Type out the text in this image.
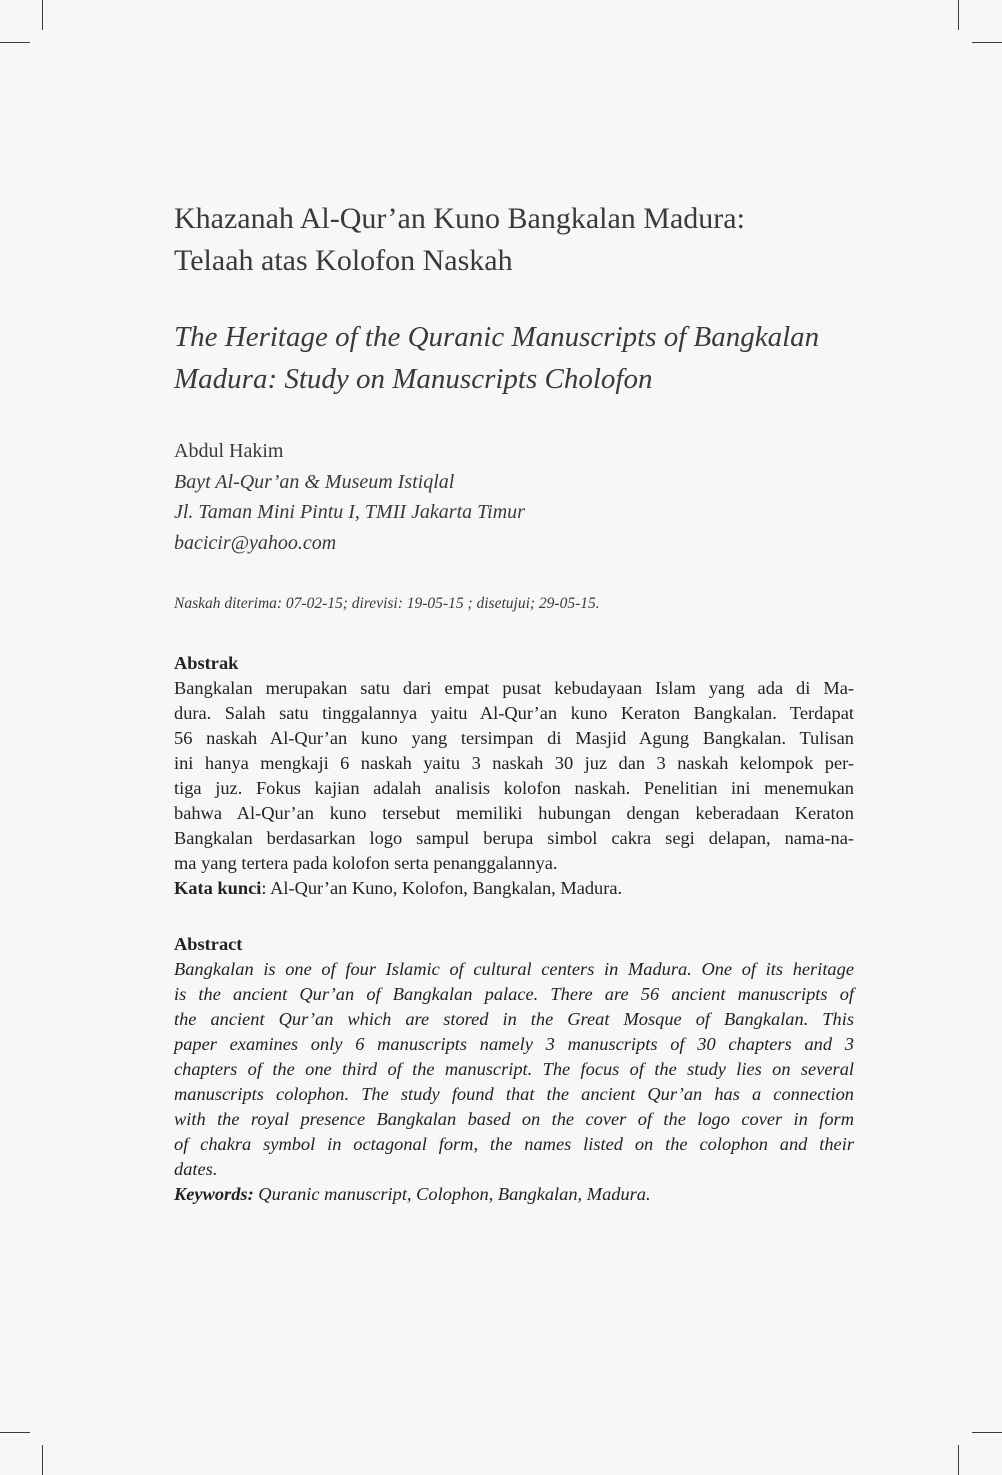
Khazanah Al-Qur’an Kuno Bangkalan Madura:
Telaah atas Kolofon Naskah
The Heritage of the Quranic Manuscripts of Bangkalan
Madura: Study on Manuscripts Cholofon
Abdul Hakim
Bayt Al-Qur’an & Museum Istiqlal
Jl. Taman Mini Pintu I, TMII Jakarta Timur
bacicir@yahoo.com
Naskah diterima: 07-02-15; direvisi: 19-05-15 ; disetujui; 29-05-15.
Abstrak
Bangkalan merupakan satu dari empat pusat kebudayaan Islam yang ada di Ma-
dura. Salah satu tinggalannya yaitu Al-Qur’an kuno Keraton Bangkalan. Terdapat
56 naskah Al-Qur’an kuno yang tersimpan di Masjid Agung Bangkalan. Tulisan
ini hanya mengkaji 6 naskah yaitu 3 naskah 30 juz dan 3 naskah kelompok per-
tiga juz. Fokus kajian adalah analisis kolofon naskah. Penelitian ini menemukan
bahwa Al-Qur’an kuno tersebut memiliki hubungan dengan keberadaan Keraton
Bangkalan berdasarkan logo sampul berupa simbol cakra segi delapan, nama-na-
ma yang tertera pada kolofon serta penanggalannya.
Kata kunci: Al-Qur’an Kuno, Kolofon, Bangkalan, Madura.
Abstract
Bangkalan is one of four Islamic of cultural centers in Madura. One of its heritage
is the ancient Qur’an of Bangkalan palace. There are 56 ancient manuscripts of
the ancient Qur’an which are stored in the Great Mosque of Bangkalan. This
paper examines only 6 manuscripts namely 3 manuscripts of 30 chapters and 3
chapters of the one third of the manuscript. The focus of the study lies on several
manuscripts colophon. The study found that the ancient Qur’an has a connection
with the royal presence Bangkalan based on the cover of the logo cover in form
of chakra symbol in octagonal form, the names listed on the colophon and their
dates.
Keywords: Quranic manuscript, Colophon, Bangkalan, Madura.
